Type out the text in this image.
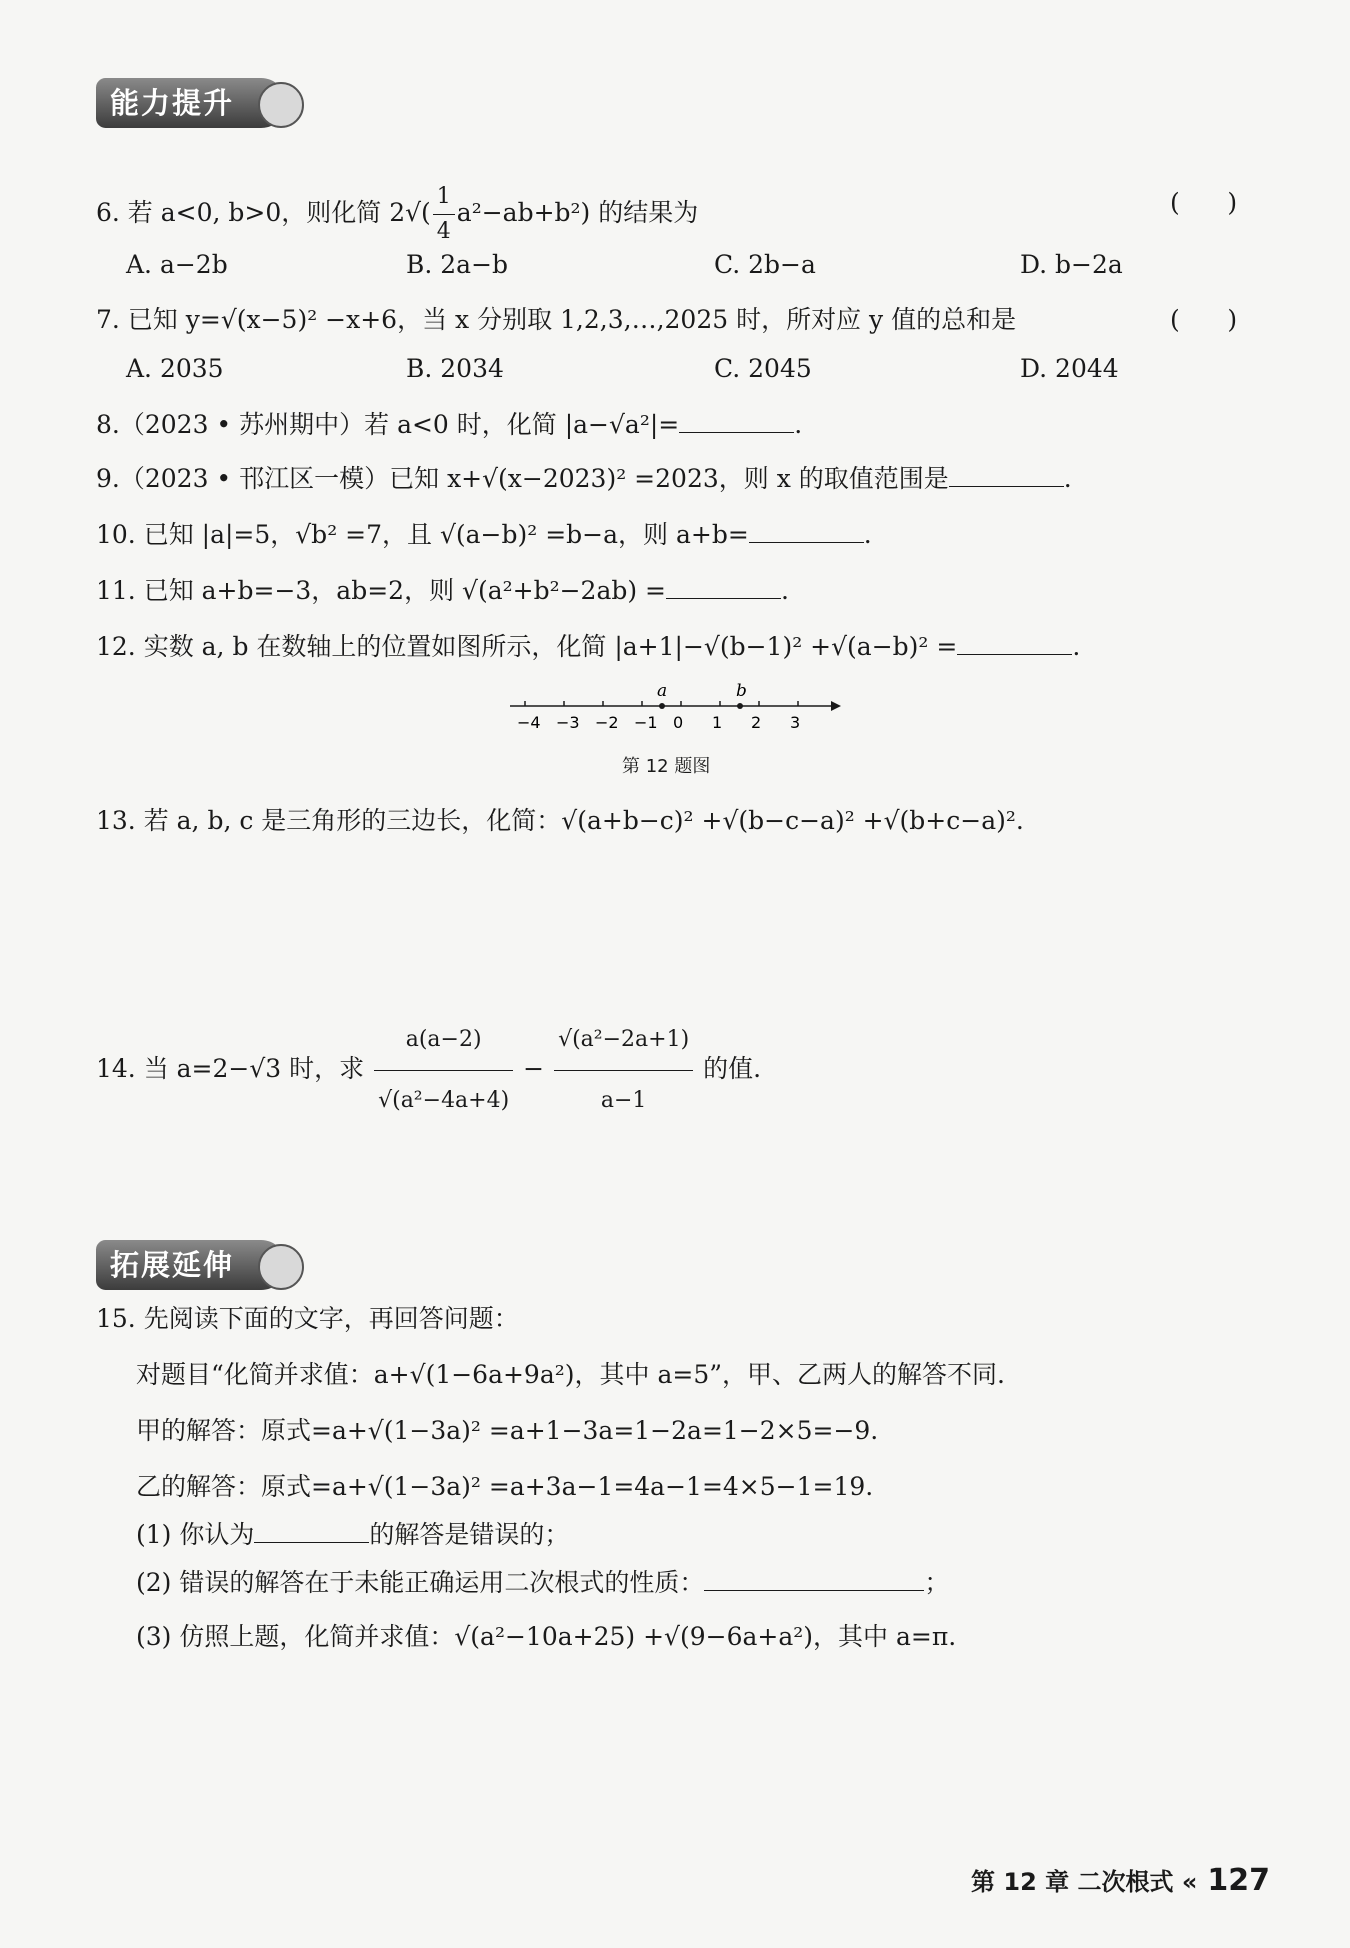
能力提升
6. 若 a<0, b>0，则化简 $2√( \frac{1}{4} a^2-ab+b^2)$ 的结果为	(      )
A. a−2b	B. 2a−b	C. 2b−a	D. b−2a
7. 已知 y=√(x−5)² −x+6，当 x 分别取 1,2,3,…,2025 时，所对应 y 值的总和是	(      )
A. 2035	B. 2034	C. 2045	D. 2044
8.（2023 • 苏州期中）若 a<0 时，化简 |a−√a²|=	.
9.（2023 • 邗江区一模）已知 x+√(x−2023)² =2023，则 x 的取值范围是	.
10. 已知 |a|=5，√b² =7，且 √(a−b)² =b−a，则 a+b=	.
11. 已知 a+b=−3，ab=2，则 √(a²+b²−2ab) =	.
12. 实数 a, b 在数轴上的位置如图所示，化简 |a+1|−√(b−1)² +√(a−b)² =	.
−4 −3 −2 −1 0 1 2 3
a	b
第 12 题图
13. 若 a, b, c 是三角形的三边长，化简：√(a+b−c)² +√(b−c−a)² +√(b+c−a)².
14. 当 a=2−√3 时，求 $\frac{a(a-2)}{\text{√(a²−4a+4)}} - \frac{\text{√(a²−2a+1)}}{a-1}$ 的值.
拓展延伸
15. 先阅读下面的文字，再回答问题：
对题目“化简并求值：a+√(1−6a+9a²)，其中 a=5”，甲、乙两人的解答不同.
甲的解答：原式=a+√(1−3a)² =a+1−3a=1−2a=1−2×5=−9.
乙的解答：原式=a+√(1−3a)² =a+3a−1=4a−1=4×5−1=19.
(1) 你认为	的解答是错误的；
(2) 错误的解答在于未能正确运用二次根式的性质：	；
(3) 仿照上题，化简并求值：√(a²−10a+25) +√(9−6a+a²)，其中 a=π.
第 12 章 二次根式 « 127
